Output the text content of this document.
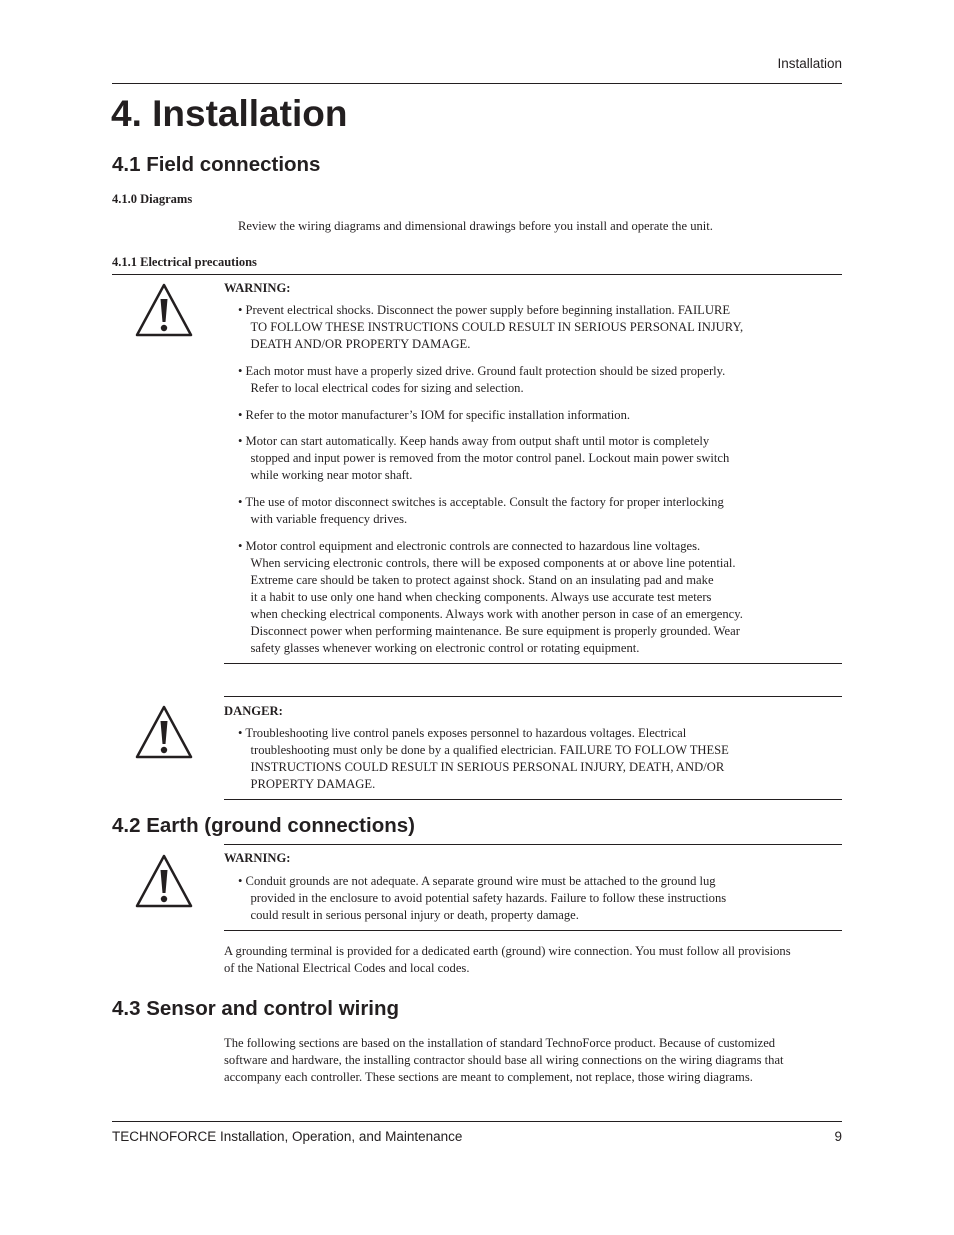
Installation
4. Installation
4.1 Field connections
4.1.0 Diagrams
Review the wiring diagrams and dimensional drawings before you install and operate the unit.
4.1.1 Electrical precautions
WARNING:
• Prevent electrical shocks. Disconnect the power supply before beginning installation. FAILURE
TO FOLLOW THESE INSTRUCTIONS COULD RESULT IN SERIOUS PERSONAL INJURY,
DEATH AND/OR PROPERTY DAMAGE.
• Each motor must have a properly sized drive. Ground fault protection should be sized properly.
Refer to local electrical codes for sizing and selection.
• Refer to the motor manufacturer’s IOM for specific installation information.
• Motor can start automatically. Keep hands away from output shaft until motor is completely
stopped and input power is removed from the motor control panel. Lockout main power switch
while working near motor shaft.
• The use of motor disconnect switches is acceptable. Consult the factory for proper interlocking
with variable frequency drives.
• Motor control equipment and electronic controls are connected to hazardous line voltages.
When servicing electronic controls, there will be exposed components at or above line potential.
Extreme care should be taken to protect against shock. Stand on an insulating pad and make
it a habit to use only one hand when checking components. Always use accurate test meters
when checking electrical components. Always work with another person in case of an emergency.
Disconnect power when performing maintenance. Be sure equipment is properly grounded. Wear
safety glasses whenever working on electronic control or rotating equipment.
DANGER:
• Troubleshooting live control panels exposes personnel to hazardous voltages. Electrical
troubleshooting must only be done by a qualified electrician. FAILURE TO FOLLOW THESE
INSTRUCTIONS COULD RESULT IN SERIOUS PERSONAL INJURY, DEATH, AND/OR
PROPERTY DAMAGE.
4.2 Earth (ground connections)
WARNING:
• Conduit grounds are not adequate. A separate ground wire must be attached to the ground lug
provided in the enclosure to avoid potential safety hazards. Failure to follow these instructions
could result in serious personal injury or death, property damage.
A grounding terminal is provided for a dedicated earth (ground) wire connection. You must follow all provisions
of the National Electrical Codes and local codes.
4.3 Sensor and control wiring
The following sections are based on the installation of standard TechnoForce product. Because of customized
software and hardware, the installing contractor should base all wiring connections on the wiring diagrams that
accompany each controller. These sections are meant to complement, not replace, those wiring diagrams.
TECHNOFORCE Installation, Operation, and Maintenance	9
